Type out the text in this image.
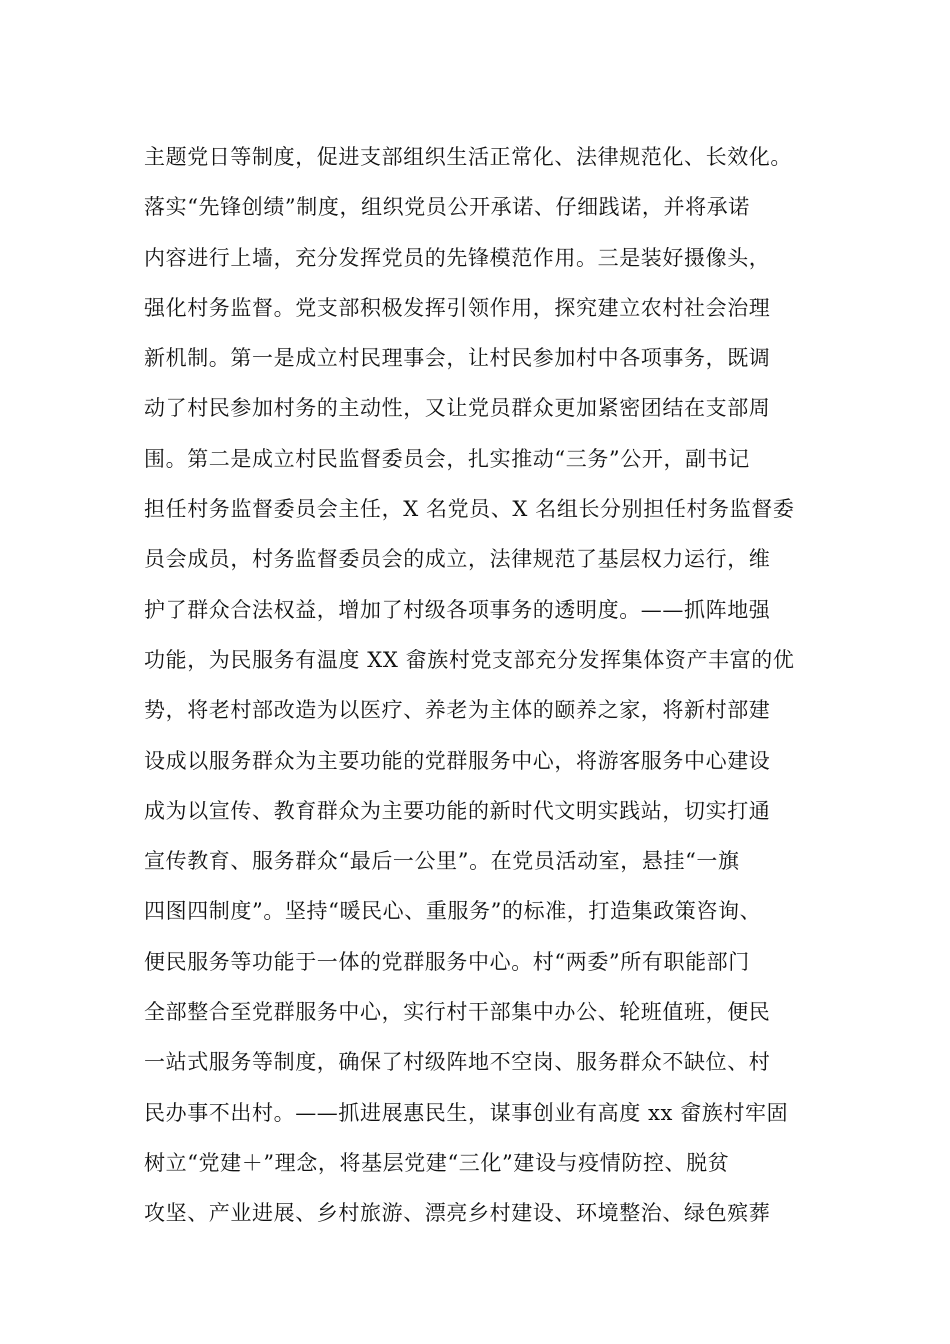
主题党日等制度，促进支部组织生活正常化、法律规范化、长效化。
落实“先锋创绩”制度，组织党员公开承诺、仔细践诺，并将承诺
内容进行上墙，充分发挥党员的先锋模范作用。三是装好摄像头，
强化村务监督。党支部积极发挥引领作用，探究建立农村社会治理
新机制。第一是成立村民理事会，让村民参加村中各项事务，既调
动了村民参加村务的主动性，又让党员群众更加紧密团结在支部周
围。第二是成立村民监督委员会，扎实推动“三务”公开，副书记
担任村务监督委员会主任，X 名党员、X 名组长分别担任村务监督委
员会成员，村务监督委员会的成立，法律规范了基层权力运行，维
护了群众合法权益，增加了村级各项事务的透明度。——抓阵地强
功能，为民服务有温度 XX 畲族村党支部充分发挥集体资产丰富的优
势，将老村部改造为以医疗、养老为主体的颐养之家，将新村部建
设成以服务群众为主要功能的党群服务中心，将游客服务中心建设
成为以宣传、教育群众为主要功能的新时代文明实践站，切实打通
宣传教育、服务群众“最后一公里”。在党员活动室，悬挂“一旗
四图四制度”。坚持“暖民心、重服务”的标准，打造集政策咨询、
便民服务等功能于一体的党群服务中心。村“两委”所有职能部门
全部整合至党群服务中心，实行村干部集中办公、轮班值班，便民
一站式服务等制度，确保了村级阵地不空岗、服务群众不缺位、村
民办事不出村。——抓进展惠民生，谋事创业有高度 xx 畲族村牢固
树立“党建＋”理念，将基层党建“三化”建设与疫情防控、脱贫
攻坚、产业进展、乡村旅游、漂亮乡村建设、环境整治、绿色殡葬
